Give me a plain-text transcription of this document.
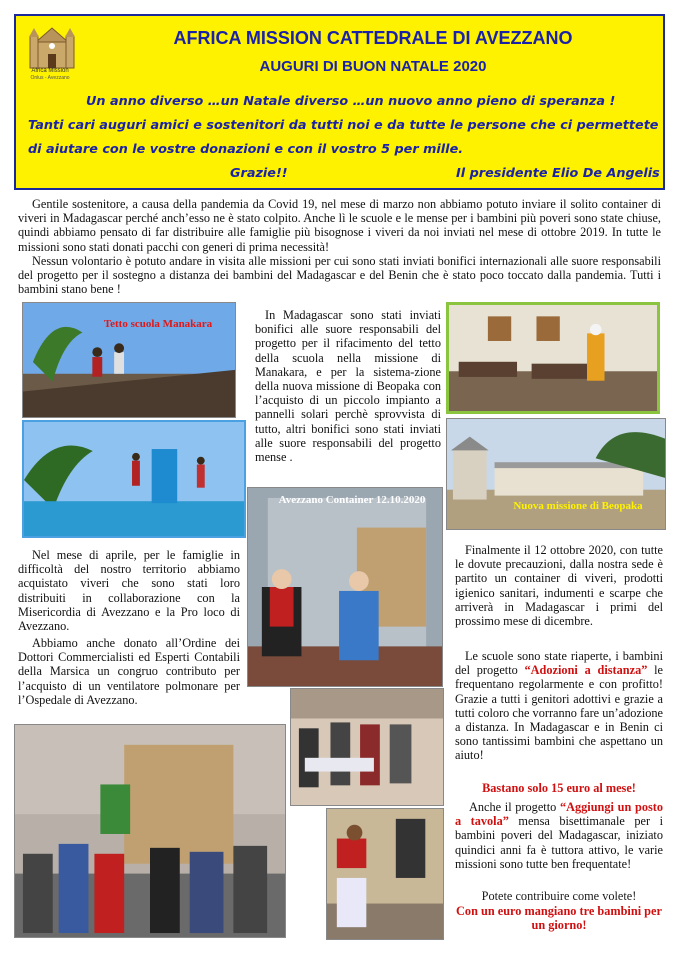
Africa Mission
Onlus - Avezzano
AFRICA MISSION CATTEDRALE DI AVEZZANO
AUGURI DI BUON NATALE 2020
Un anno diverso …un Natale diverso …un nuovo anno pieno di speranza !
Tanti cari auguri amici e sostenitori da tutti noi e da tutte le persone che ci permettete
di aiutare con le vostre donazioni e con il vostro 5 per mille.
Grazie!!	Il presidente Elio De Angelis
Gentile sostenitore, a causa della pandemia da Covid 19, nel mese di marzo non abbiamo potuto inviare il solito container di viveri in Madagascar perché anch’esso ne è stato colpito. Anche lì le scuole e le mense per i bambini più poveri sono state chiuse, quindi abbiamo pensato di far distribuire alle famiglie più bisognose i viveri da noi inviati nel mese di ottobre 2019. In tutte le missioni sono stati donati pacchi con generi di prima necessità!
Nessun volontario è potuto andare in visita alle missioni per cui sono stati inviati bonifici internazionali alle suore responsabili del progetto per il sostegno a distanza dei bambini del Madagascar e del Benin che è stato poco toccato dalla pandemia. Tutti i bambini stano bene !
Tetto scuola Manakara
In Madagascar sono stati inviati bonifici alle suore responsabili del progetto per il rifacimento del tetto della scuola nella missione di Manakara, e per la sistema-zione della nuova missione di Beopaka con l’acquisto di un piccolo impianto a pannelli solari perchè sprovvista di tutto, altri bonifici sono stati inviati alle suore responsabili del progetto mense .
Nuova missione di Beopaka
Avezzano Container 12.10.2020
Nel mese di aprile, per le famiglie in difficoltà del nostro territorio abbiamo acquistato viveri che sono stati loro distribuiti in collaborazione con la Misericordia di Avezzano e la Pro loco di Avezzano.
Abbiamo anche donato all’Ordine dei Dottori Commercialisti ed Esperti Contabili della Marsica un congruo contributo per l’acquisto di un ventilatore polmonare per l’Ospedale di Avezzano.
Finalmente il 12 ottobre 2020, con tutte le dovute precauzioni, dalla nostra sede è partito un container di viveri, prodotti igienico sanitari, indumenti e scarpe che arriverà in Madagascar i primi del prossimo mese di dicembre.
Le scuole sono state riaperte, i bambini del progetto “Adozioni a distanza” le frequentano regolarmente e con profitto! Grazie a tutti i genitori adottivi e grazie a tutti coloro che vorranno fare un’adozione a distanza. In Madagascar e in Benin ci sono tantissimi bambini che aspettano un aiuto!
Bastano solo 15 euro al mese!
Anche il progetto “Aggiungi un posto a tavola” mensa bisettimanale per i bambini poveri del Madagascar, iniziato quindici anni fa è tuttora attivo, le varie missioni sono tutte ben frequentate!
Potete contribuire come volete!
Con un euro mangiano tre bambini per un giorno!
